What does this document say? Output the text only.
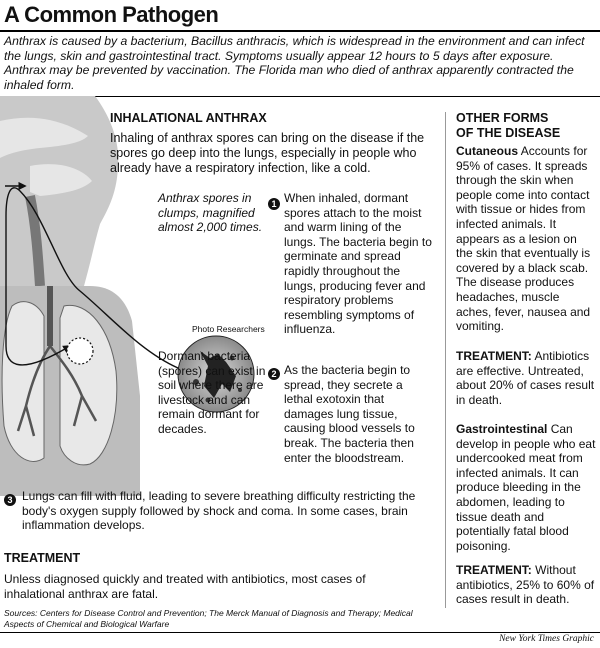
A Common Pathogen
Anthrax is caused by a bacterium, Bacillus anthracis, which is widespread in the environment and can infect the lungs, skin and gastrointestinal tract. Symptoms usually appear 12 hours to 5 days after exposure. Anthrax may be prevented by vaccination. The Florida man who died of anthrax apparently contracted the inhaled form.
INHALATIONAL ANTHRAX
Inhaling of anthrax spores can bring on the disease if the spores go deep into the lungs, especially in people who already have a respiratory infection, like a cold.
Anthrax spores in clumps, magnified almost 2,000 times.
Photo Researchers
1 When inhaled, dormant spores attach to the moist and warm lining of the lungs. The bacteria begin to germinate and spread rapidly throughout the lungs, producing fever and respiratory problems resembling symptoms of influenza.
Dormant bacteria (spores) can exist in soil where there are livestock and can remain dormant for decades.
2 As the bacteria begin to spread, they secrete a lethal exotoxin that damages lung tissue, causing blood vessels to break. The bacteria then enter the bloodstream.
3 Lungs can fill with fluid, leading to severe breathing difficulty restricting the body's oxygen supply followed by shock and coma. In some cases, brain inflammation develops.
TREATMENT
Unless diagnosed quickly and treated with antibiotics, most cases of inhalational anthrax are fatal.
Sources: Centers for Disease Control and Prevention; The Merck Manual of Diagnosis and Therapy; Medical Aspects of Chemical and Biological Warfare
OTHER FORMS
OF THE DISEASE
Cutaneous Accounts for 95% of cases. It spreads through the skin when people come into contact with tissue or hides from infected animals. It appears as a lesion on the skin that eventually is covered by a black scab. The disease produces headaches, muscle aches, fever, nausea and vomiting.
TREATMENT: Antibiotics are effective. Untreated, about 20% of cases result in death.
Gastrointestinal Can develop in people who eat undercooked meat from infected animals. It can produce bleeding in the abdomen, leading to tissue death and potentially fatal blood poisoning.
TREATMENT: Without antibiotics, 25% to 60% of cases result in death.
New York Times Graphic
